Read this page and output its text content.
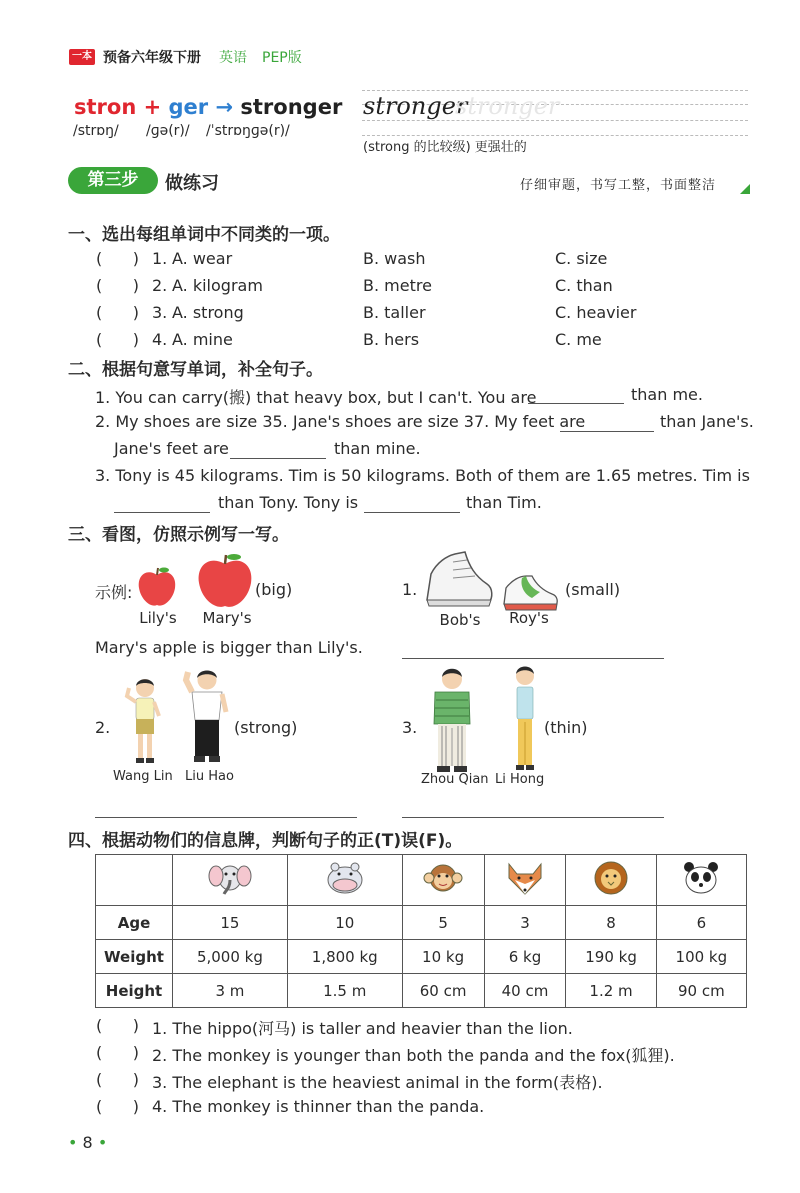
一本 预备六年级下册 英语 PEP版
stron + ger → stronger
/strɒŋ/ /ɡə(r)/ /ˈstrɒŋɡə(r)/
stronger
stronger
(strong 的比较级) 更强壮的
第三步	做练习	仔细审题，书写工整，书面整洁
一、选出每组单词中不同类的一项。
(      ) 1. A. wear	B. wash	C. size
(      ) 2. A. kilogram	B. metre	C. than
(      ) 3. A. strong	B. taller	C. heavier
(      ) 4. A. mine	B. hers	C. me
二、根据句意写单词，补全句子。
1. You can carry(搬) that heavy box, but I can't. You are	than me.
2. My shoes are size 35. Jane's shoes are size 37. My feet are	than Jane's.
Jane's feet are	than mine.
3. Tony is 45 kilograms. Tim is 50 kilograms. Both of them are 1.65 metres. Tim is
than Tony. Tony is	than Tim.
三、看图，仿照示例写一写。
示例:	(big)
Lily's	Mary's
Mary's apple is bigger than Lily's.
1.	(small)
Bob's	Roy's
2.	(strong)
Wang Lin Liu Hao
3.	(thin)
Zhou Qian Li Hong
四、根据动物们的信息牌，判断句子的正(T)误(F)。

Age	15	10	5	3	8	6
Weight	5,000 kg	1,800 kg	10 kg	6 kg	190 kg	100 kg
Height	3 m	1.5 m	60 cm	40 cm	1.2 m	90 cm
(      ) 1. The hippo(河马) is taller and heavier than the lion.
(      ) 2. The monkey is younger than both the panda and the fox(狐狸).
(      ) 3. The elephant is the heaviest animal in the form(表格).
(      ) 4. The monkey is thinner than the panda.
• 8 •
